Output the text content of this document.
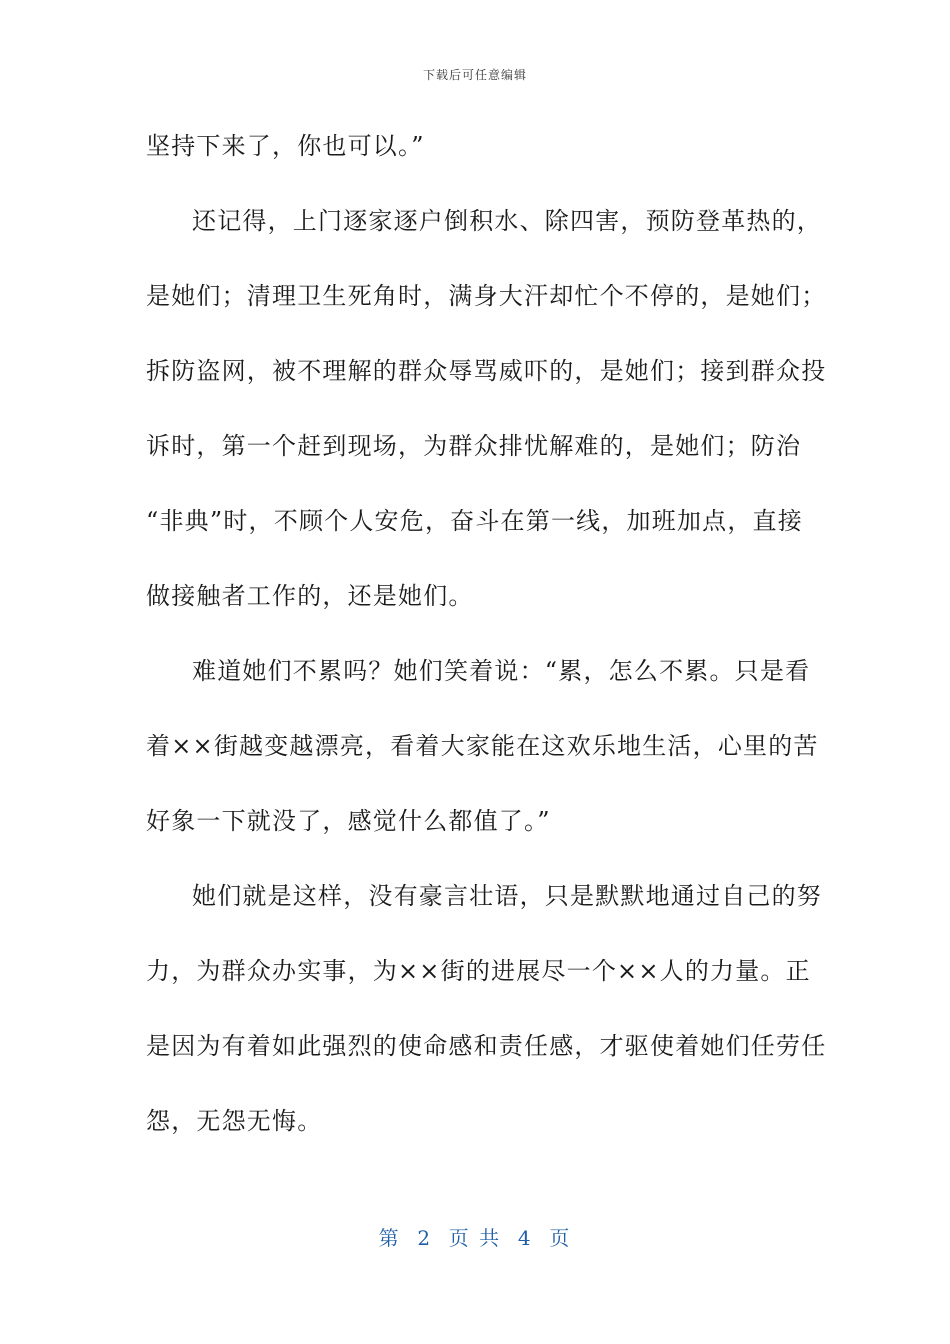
下载后可任意编辑
坚持下来了，你也可以。”
还记得，上门逐家逐户倒积水、除四害，预防登革热的，
是她们；清理卫生死角时，满身大汗却忙个不停的，是她们；
拆防盗网，被不理解的群众辱骂威吓的，是她们；接到群众投
诉时，第一个赶到现场，为群众排忧解难的，是她们；防治
“非典”时，不顾个人安危，奋斗在第一线，加班加点，直接
做接触者工作的，还是她们。
难道她们不累吗？她们笑着说：“累，怎么不累。只是看
着××街越变越漂亮，看着大家能在这欢乐地生活，心里的苦
好象一下就没了，感觉什么都值了。”
她们就是这样，没有豪言壮语，只是默默地通过自己的努
力，为群众办实事，为××街的进展尽一个××人的力量。正
是因为有着如此强烈的使命感和责任感，才驱使着她们任劳任
怨，无怨无悔。
第  2  页 共  4  页
